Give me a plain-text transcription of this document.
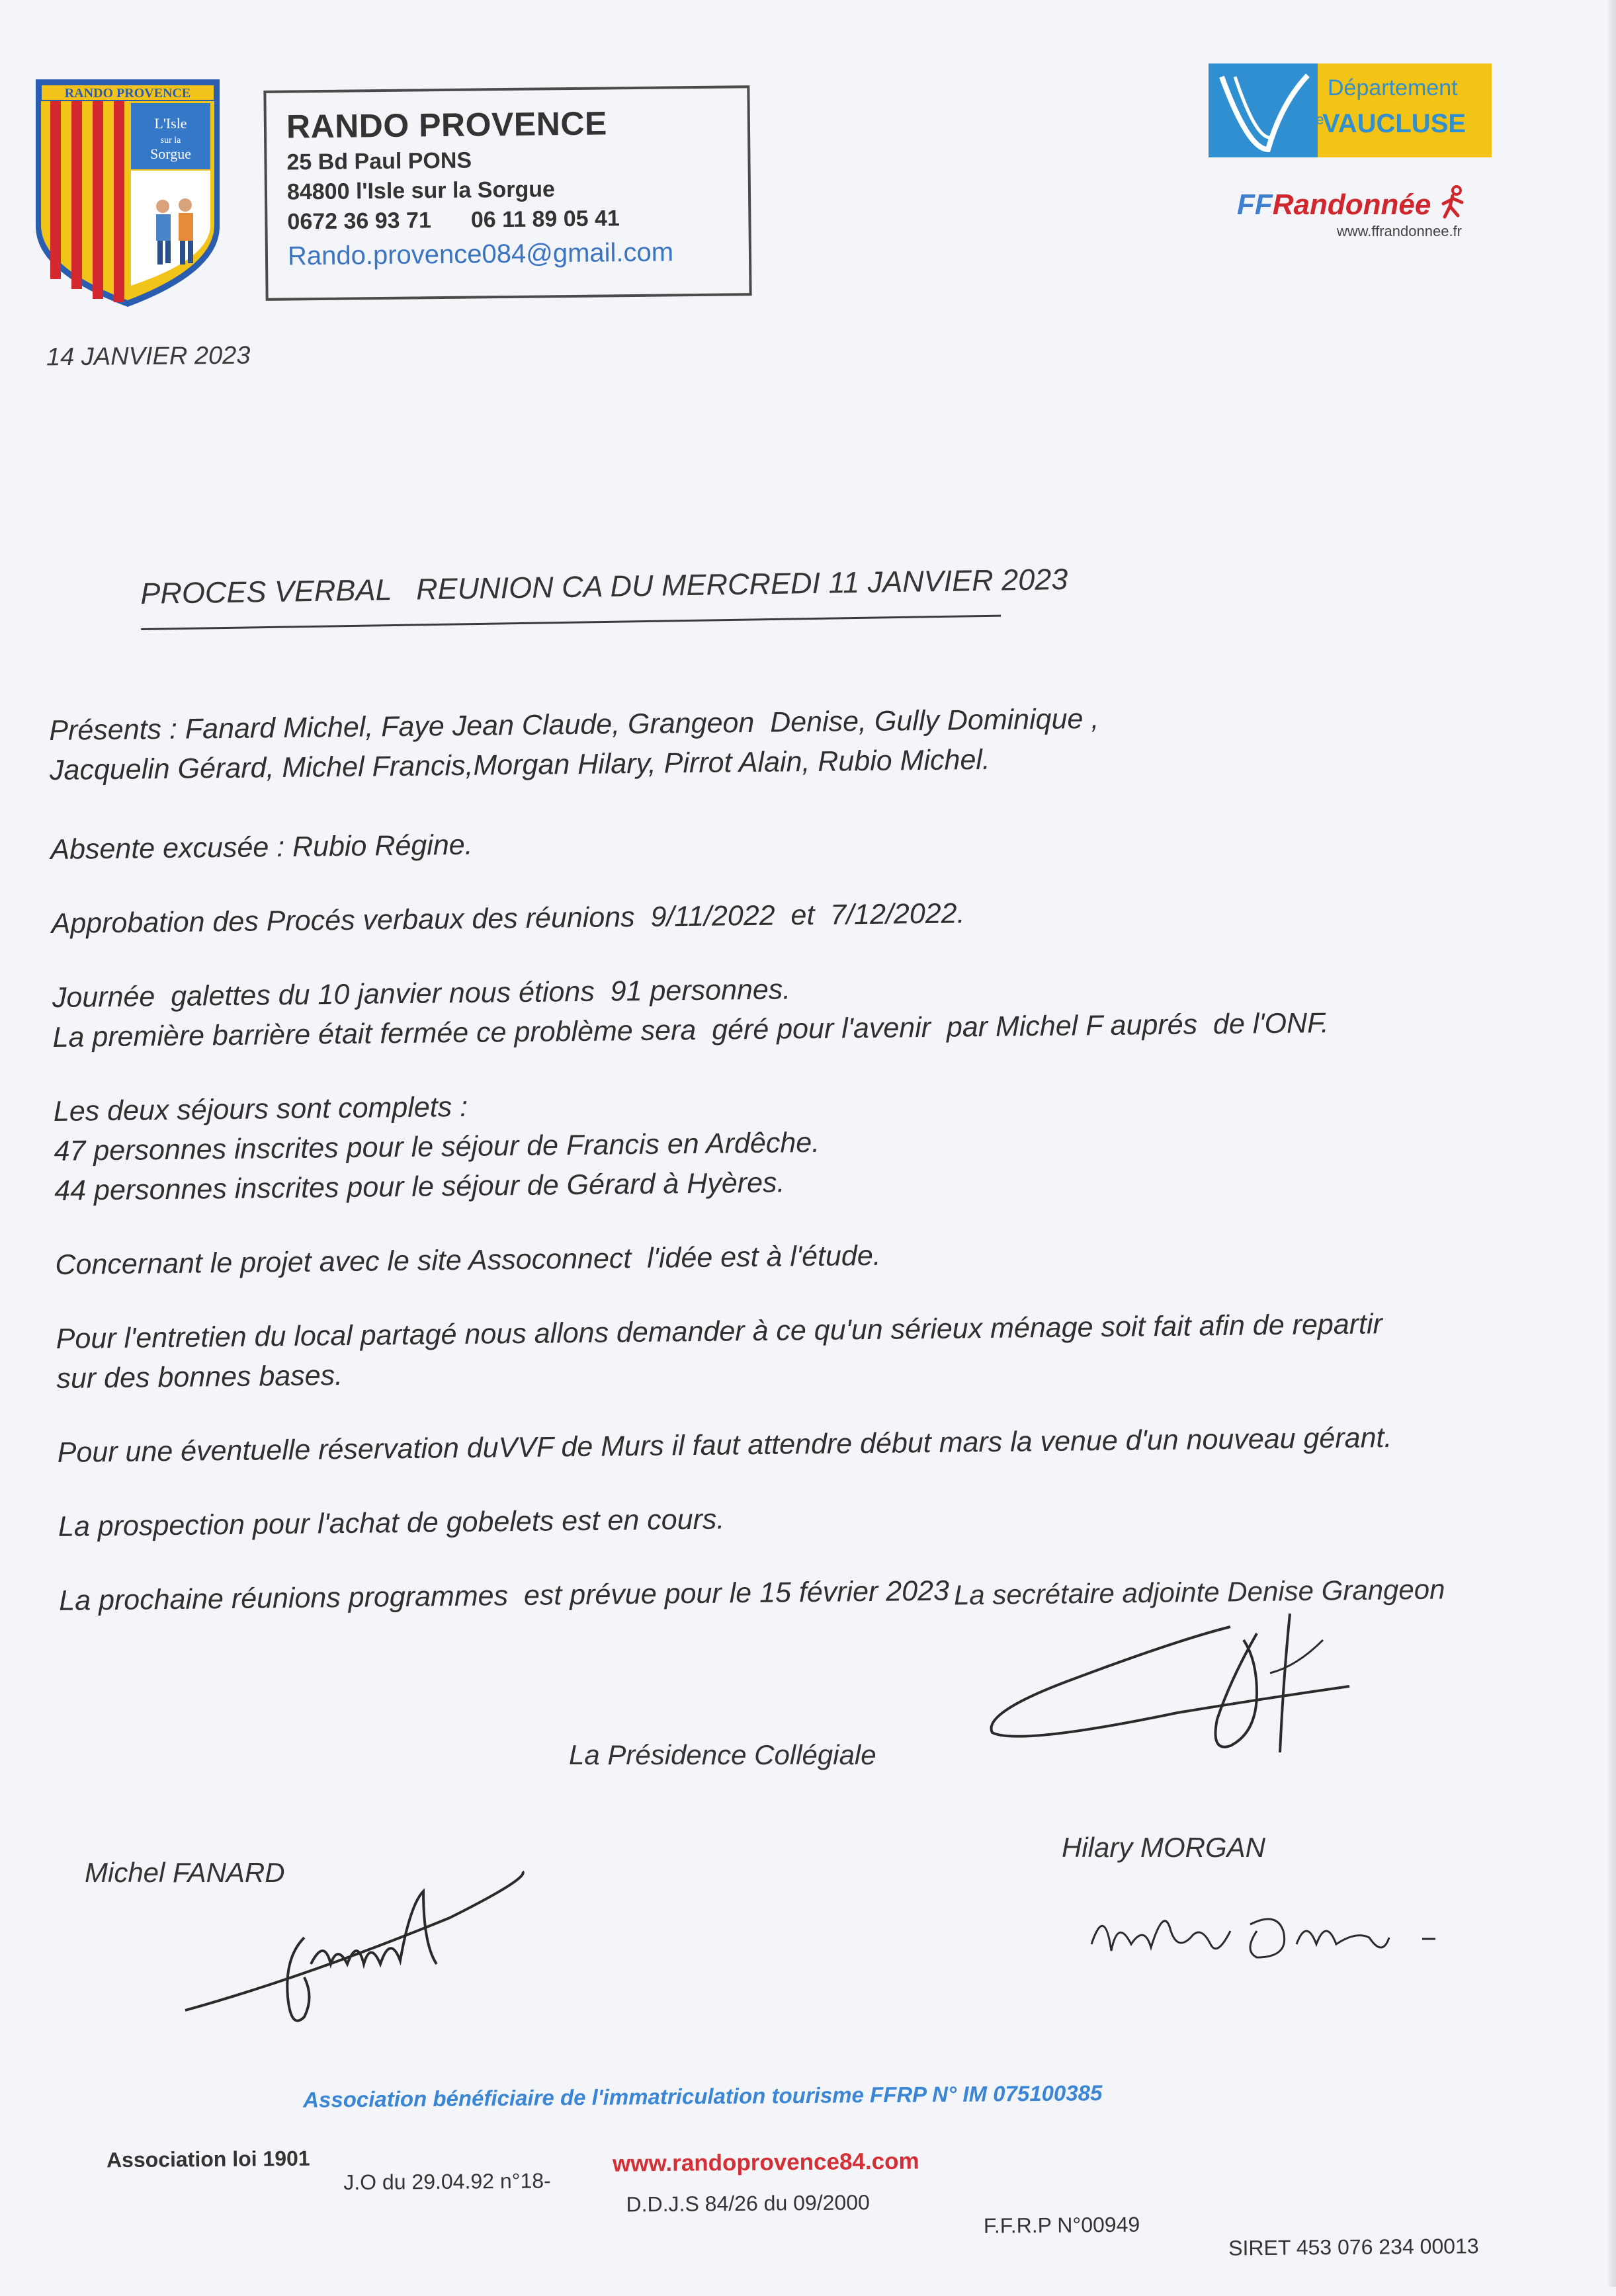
RANDO PROVENCE
L'Isle
sur la
Sorgue
RANDO PROVENCE
25 Bd Paul PONS
84800 l'Isle sur la Sorgue
0672 36 93 71 06 11 89 05 41
Rando.provence084@gmail.com
de
Département
VAUCLUSE
FFRandonnée
www.ffrandonnee.fr
14 JANVIER 2023
PROCES VERBAL   REUNION CA DU MERCREDI 11 JANVIER 2023

Présents : Fanard Michel, Faye Jean Claude, Grangeon  Denise, Gully Dominique ,

Jacquelin Gérard, Michel Francis,Morgan Hilary, Pirrot Alain, Rubio Michel.

Absente excusée : Rubio Régine.

Approbation des Procés verbaux des réunions  9/11/2022  et  7/12/2022.

Journée  galettes du 10 janvier nous étions  91 personnes.

La première barrière était fermée ce problème sera  géré pour l'avenir  par Michel F auprés  de l'ONF.

Les deux séjours sont complets :

47 personnes inscrites pour le séjour de Francis en Ardêche.

44 personnes inscrites pour le séjour de Gérard à Hyères.

Concernant le projet avec le site Assoconnect  l'idée est à l'étude.

Pour l'entretien du local partagé nous allons demander à ce qu'un sérieux ménage soit fait afin de repartir

sur des bonnes bases.

Pour une éventuelle réservation duVVF de Murs il faut attendre début mars la venue d'un nouveau gérant.

La prospection pour l'achat de gobelets est en cours.

La prochaine réunions programmes  est prévue pour le 15 février 2023 La secrétaire adjointe Denise Grangeon
La Présidence Collégiale
Michel FANARD
Hilary MORGAN
Association bénéficiaire de l'immatriculation tourisme FFRP N° IM 075100385

Association loi 1901

J.O du 29.04.92 n°18-

D.D.J.S 84/26 du 09/2000

F.F.R.P N°00949

SIRET 453 076 234 00013

www.randoprovence84.com
